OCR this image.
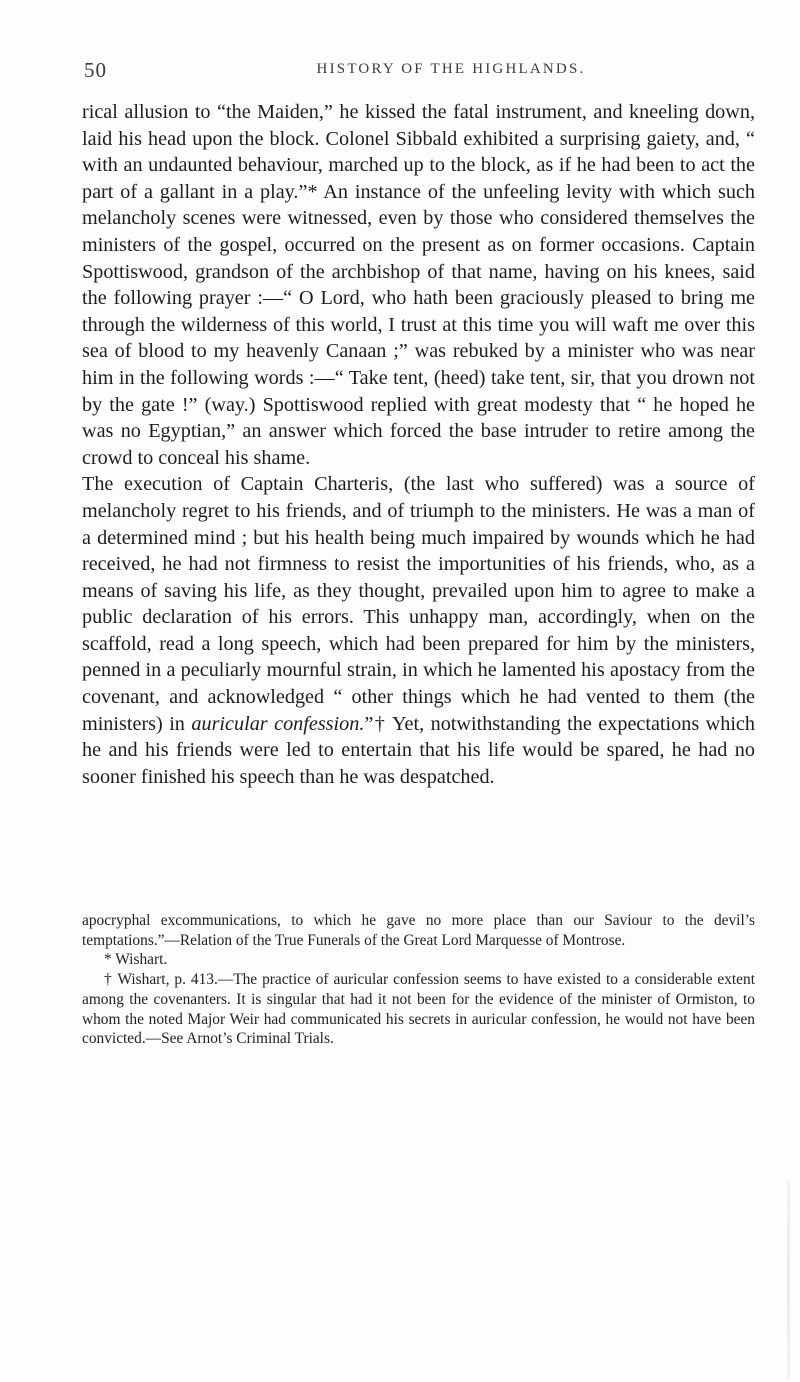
50	HISTORY OF THE HIGHLANDS.

rical allusion to “the Maiden,” he kissed the fatal instrument, and kneeling down, laid his head upon the block. Colonel Sibbald exhibited a surprising gaiety, and, “ with an undaunted behaviour, marched up to the block, as if he had been to act the part of a gallant in a play.”* An instance of the unfeeling levity with which such melancholy scenes were witnessed, even by those who considered themselves the ministers of the gospel, occurred on the present as on former occasions. Captain Spottiswood, grandson of the archbishop of that name, having on his knees, said the following prayer :—“ O Lord, who hath been graciously pleased to bring me through the wilderness of this world, I trust at this time you will waft me over this sea of blood to my heavenly Canaan ;” was rebuked by a minister who was near him in the following words :—“ Take tent, (heed) take tent, sir, that you drown not by the gate !” (way.) Spottiswood replied with great modesty that “ he hoped he was no Egyptian,” an answer which forced the base intruder to retire among the crowd to conceal his shame.

The execution of Captain Charteris, (the last who suffered) was a source of melancholy regret to his friends, and of triumph to the ministers. He was a man of a determined mind ; but his health being much impaired by wounds which he had received, he had not firmness to resist the importunities of his friends, who, as a means of saving his life, as they thought, prevailed upon him to agree to make a public declaration of his errors. This unhappy man, accordingly, when on the scaffold, read a long speech, which had been prepared for him by the ministers, penned in a peculiarly mournful strain, in which he lamented his apostacy from the covenant, and acknowledged “ other things which he had vented to them (the ministers) in auricular confession.”† Yet, notwithstanding the expectations which he and his friends were led to entertain that his life would be spared, he had no sooner finished his speech than he was despatched.

apocryphal excommunications, to which he gave no more place than our Saviour to the devil’s temptations.”—Relation of the True Funerals of the Great Lord Marquesse of Montrose.

* Wishart.

† Wishart, p. 413.—The practice of auricular confession seems to have existed to a considerable extent among the covenanters. It is singular that had it not been for the evidence of the minister of Ormiston, to whom the noted Major Weir had communicated his secrets in auricular confession, he would not have been convicted.—See Arnot’s Criminal Trials.
